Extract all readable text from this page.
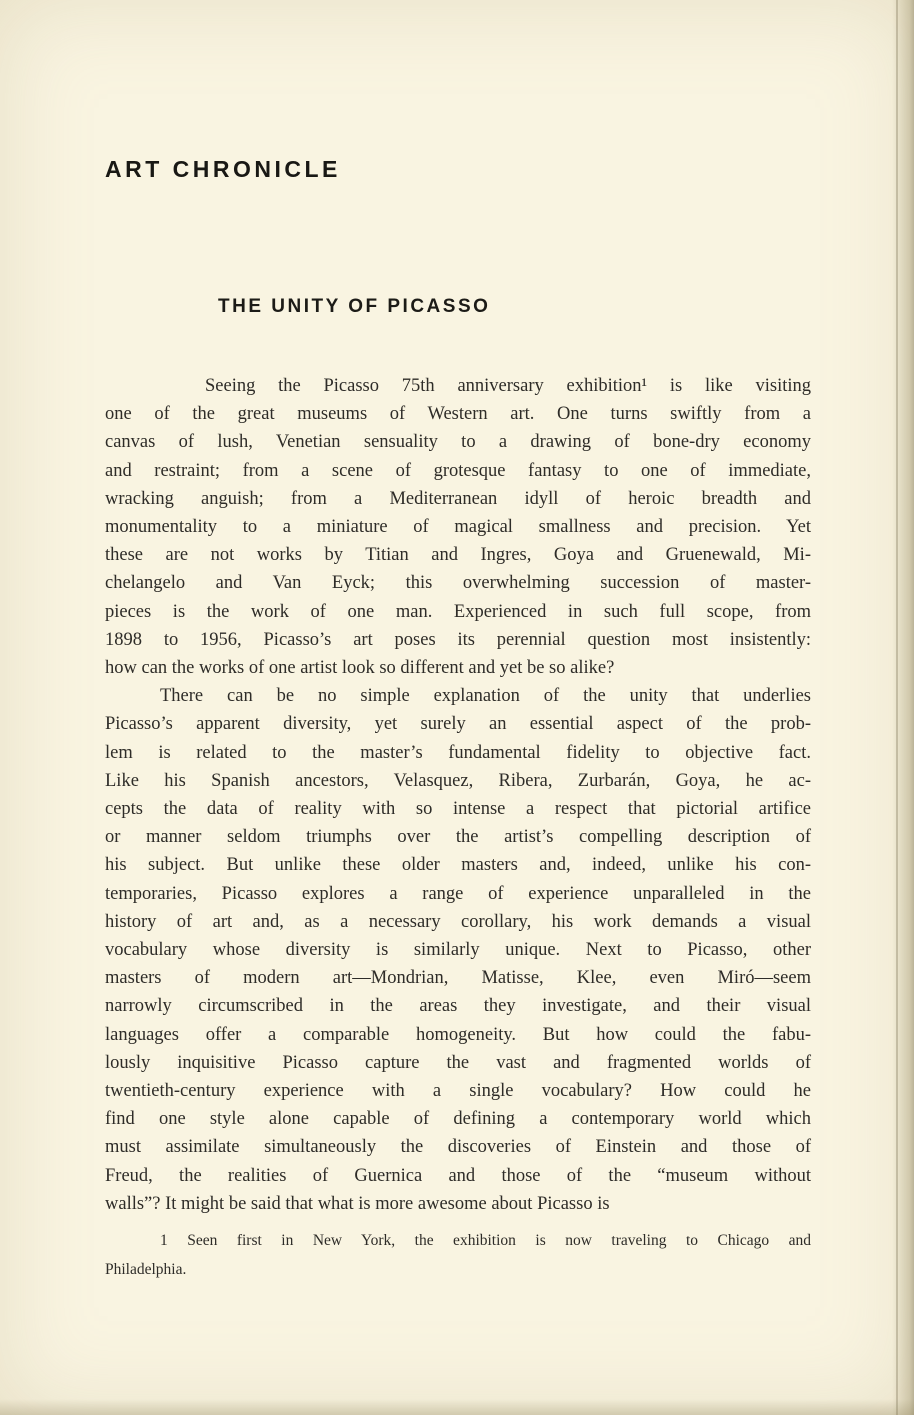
ART CHRONICLE
THE UNITY OF PICASSO
Seeing the Picasso 75th anniversary exhibition¹ is like visiting
one of the great museums of Western art. One turns swiftly from a
canvas of lush, Venetian sensuality to a drawing of bone-dry economy
and restraint; from a scene of grotesque fantasy to one of immediate,
wracking anguish; from a Mediterranean idyll of heroic breadth and
monumentality to a miniature of magical smallness and precision. Yet
these are not works by Titian and Ingres, Goya and Gruenewald, Mi-
chelangelo and Van Eyck; this overwhelming succession of master-
pieces is the work of one man. Experienced in such full scope, from
1898 to 1956, Picasso’s art poses its perennial question most insistently:
how can the works of one artist look so different and yet be so alike?
There can be no simple explanation of the unity that underlies
Picasso’s apparent diversity, yet surely an essential aspect of the prob-
lem is related to the master’s fundamental fidelity to objective fact.
Like his Spanish ancestors, Velasquez, Ribera, Zurbarán, Goya, he ac-
cepts the data of reality with so intense a respect that pictorial artifice
or manner seldom triumphs over the artist’s compelling description of
his subject. But unlike these older masters and, indeed, unlike his con-
temporaries, Picasso explores a range of experience unparalleled in the
history of art and, as a necessary corollary, his work demands a visual
vocabulary whose diversity is similarly unique. Next to Picasso, other
masters of modern art—Mondrian, Matisse, Klee, even Miró—seem
narrowly circumscribed in the areas they investigate, and their visual
languages offer a comparable homogeneity. But how could the fabu-
lously inquisitive Picasso capture the vast and fragmented worlds of
twentieth-century experience with a single vocabulary? How could he
find one style alone capable of defining a contemporary world which
must assimilate simultaneously the discoveries of Einstein and those of
Freud, the realities of Guernica and those of the “museum without
walls”? It might be said that what is more awesome about Picasso is
1 Seen first in New York, the exhibition is now traveling to Chicago and
Philadelphia.
